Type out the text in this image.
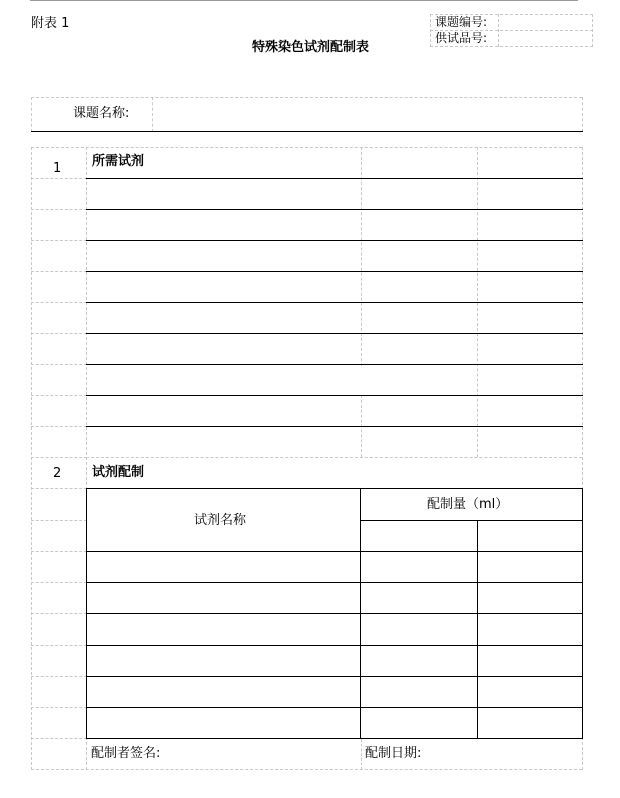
附表 1
特殊染色试剂配制表
课题编号:
供试品号:
课题名称:
1 所需试剂
2 试剂配制
试剂名称
配制量（ml）
配制者签名:	配制日期:
